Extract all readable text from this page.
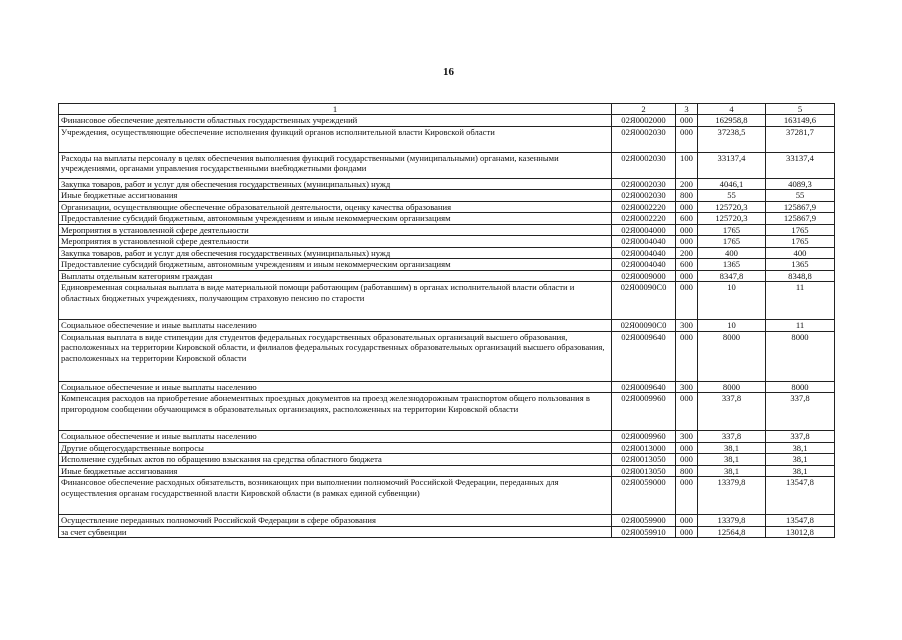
16
1	2	3	4	5
Финансовое обеспечение деятельности областных государственных учреждений	02Я0002000	000	162958,8	163149,6
Учреждения, осуществляющие обеспечение исполнения функций органов исполнительной власти Кировской области	02Я0002030	000	37238,5	37281,7
Расходы на выплаты персоналу в целях обеспечения выполнения функций государственными (муниципальными) органами, казенными учреждениями, органами управления государственными внебюджетными фондами	02Я0002030	100	33137,4	33137,4
Закупка товаров, работ и услуг для обеспечения государственных (муниципальных) нужд	02Я0002030	200	4046,1	4089,3
Иные бюджетные ассигнования	02Я0002030	800	55	55
Организации, осуществляющие обеспечение образовательной деятельности, оценку качества образования	02Я0002220	000	125720,3	125867,9
Предоставление субсидий бюджетным, автономным учреждениям и иным некоммерческим организациям	02Я0002220	600	125720,3	125867,9
Мероприятия в установленной сфере деятельности	02Я0004000	000	1765	1765
Мероприятия в установленной сфере деятельности	02Я0004040	000	1765	1765
Закупка товаров, работ и услуг для обеспечения государственных (муниципальных) нужд	02Я0004040	200	400	400
Предоставление субсидий бюджетным, автономным учреждениям и иным некоммерческим организациям	02Я0004040	600	1365	1365
Выплаты отдельным категориям граждан	02Я0009000	000	8347,8	8348,8
Единовременная социальная выплата в виде материальной помощи работающим (работавшим) в органах исполнительной власти области и областных бюджетных учреждениях, получающим страховую пенсию по старости	02Я00090С0	000	10	11
Социальное обеспечение и иные выплаты населению	02Я00090С0	300	10	11
Социальная выплата в виде стипендии для студентов федеральных государственных образовательных организаций высшего образования, расположенных на территории Кировской области, и филиалов федеральных государственных образовательных организаций высшего образования, расположенных на территории Кировской области	02Я0009640	000	8000	8000
Социальное обеспечение и иные выплаты населению	02Я0009640	300	8000	8000
Компенсация расходов на приобретение абонементных проездных документов на проезд железнодорожным транспортом общего пользования в пригородном сообщении обучающимся в образовательных организациях, расположенных на территории Кировской области	02Я0009960	000	337,8	337,8
Социальное обеспечение и иные выплаты населению	02Я0009960	300	337,8	337,8
Другие общегосударственные вопросы	02Я0013000	000	38,1	38,1
Исполнение судебных актов по обращению взыскания на средства областного бюджета	02Я0013050	000	38,1	38,1
Иные бюджетные ассигнования	02Я0013050	800	38,1	38,1
Финансовое обеспечение расходных обязательств, возникающих при выполнении полномочий Российской Федерации, переданных для осуществления органам государственной власти Кировской области (в рамках единой субвенции)	02Я0059000	000	13379,8	13547,8
Осуществление переданных полномочий Российской Федерации в сфере образования	02Я0059900	000	13379,8	13547,8
за счет субвенции	02Я0059910	000	12564,8	13012,8
